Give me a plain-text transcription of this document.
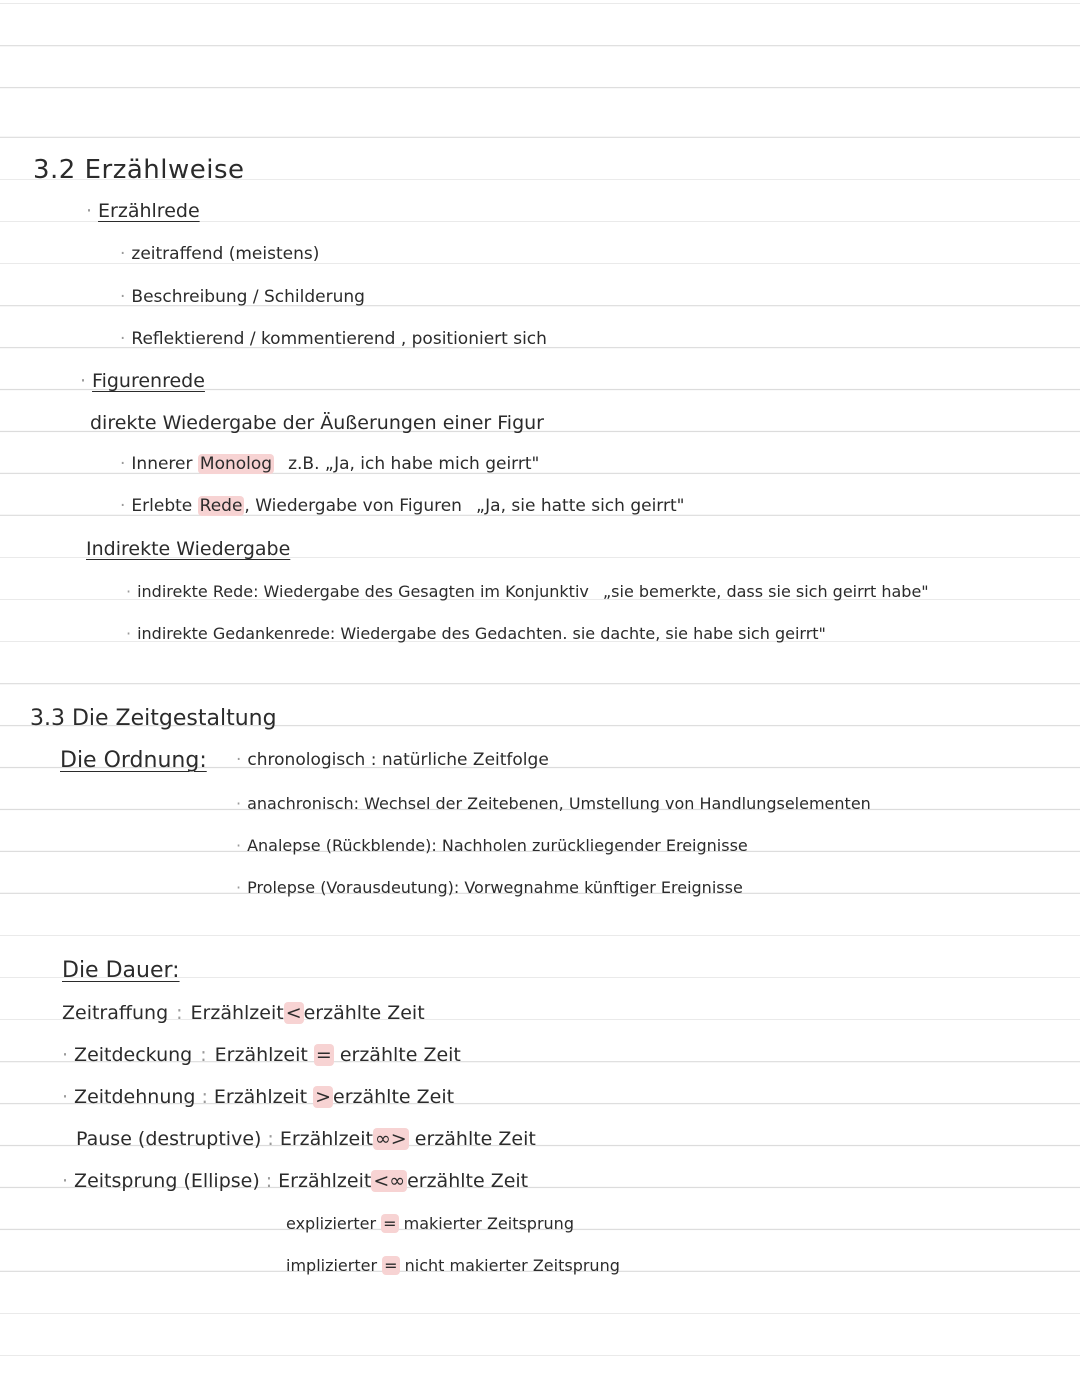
3.2 Erzählweise
· Erzählrede
· zeitraffend (meistens)
· Beschreibung / Schilderung
· Reflektierend / kommentierend , positioniert sich
· Figurenrede
direkte Wiedergabe der Äußerungen einer Figur
· Innerer Monolog z.B. „Ja, ich habe mich geirrt"
· Erlebte Rede , Wiedergabe von Figuren „Ja, sie hatte sich geirrt"
Indirekte Wiedergabe
· indirekte Rede: Wiedergabe des Gesagten im Konjunktiv „sie bemerkte, dass sie sich geirrt habe"
· indirekte Gedankenrede: Wiedergabe des Gedachten. sie dachte, sie habe sich geirrt"
3.3 Die Zeitgestaltung
Die Ordnung: · chronologisch : natürliche Zeitfolge
· anachronisch: Wechsel der Zeitebenen, Umstellung von Handlungselementen
· Analepse (Rückblende): Nachholen zurückliegender Ereignisse
· Prolepse (Vorausdeutung): Vorwegnahme künftiger Ereignisse
Die Dauer:
Zeitraffung : Erzählzeit < erzählte Zeit
· Zeitdeckung : Erzählzeit = erzählte Zeit
· Zeitdehnung : Erzählzeit > erzählte Zeit
Pause (destruptive) : Erzählzeit ∞> erzählte Zeit
· Zeitsprung (Ellipse) : Erzählzeit <∞ erzählte Zeit
explizierter = makierter Zeitsprung
implizierter = nicht makierter Zeitsprung
